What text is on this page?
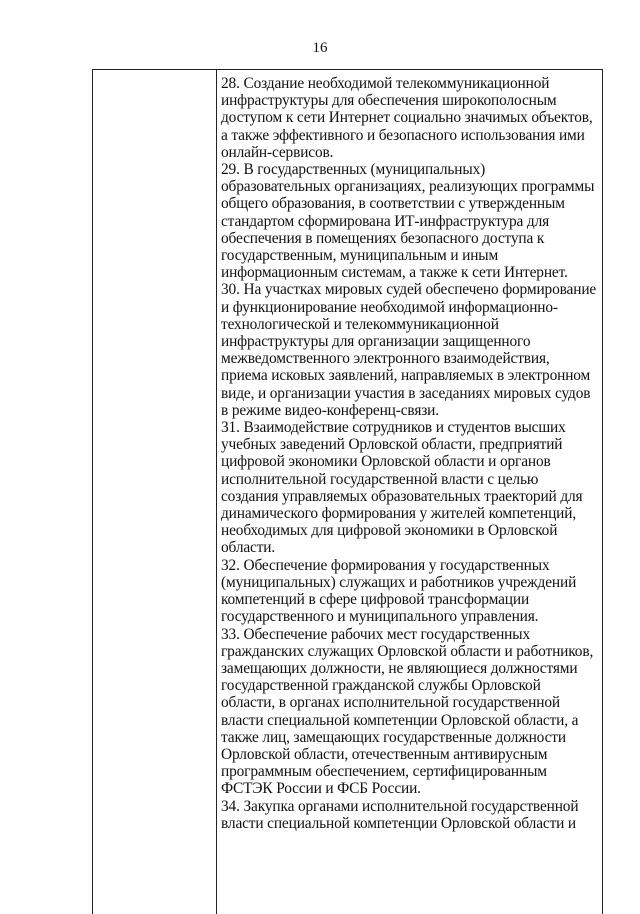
16
28. Создание необходимой телекоммуникационной
инфраструктуры для обеспечения широкополосным
доступом к сети Интернет социально значимых объектов,
а также эффективного и безопасного использования ими
онлайн-сервисов.
29. В государственных (муниципальных)
образовательных организациях, реализующих программы
общего образования, в соответствии с утвержденным
стандартом сформирована ИТ-инфраструктура для
обеспечения в помещениях безопасного доступа к
государственным, муниципальным и иным
информационным системам, а также к сети Интернет.
30. На участках мировых судей обеспечено формирование
и функционирование необходимой информационно-
технологической и телекоммуникационной
инфраструктуры для организации защищенного
межведомственного электронного взаимодействия,
приема исковых заявлений, направляемых в электронном
виде, и организации участия в заседаниях мировых судов
в режиме видео-конференц-связи.
31. Взаимодействие сотрудников и студентов высших
учебных заведений Орловской области, предприятий
цифровой экономики Орловской области и органов
исполнительной государственной власти с целью
создания управляемых образовательных траекторий для
динамического формирования у жителей компетенций,
необходимых для цифровой экономики в Орловской
области.
32. Обеспечение формирования у государственных
(муниципальных) служащих и работников учреждений
компетенций в сфере цифровой трансформации
государственного и муниципального управления.
33. Обеспечение рабочих мест государственных
гражданских служащих Орловской области и работников,
замещающих должности, не являющиеся должностями
государственной гражданской службы Орловской
области, в органах исполнительной государственной
власти специальной компетенции Орловской области, а
также лиц, замещающих государственные должности
Орловской области, отечественным антивирусным
программным обеспечением, сертифицированным
ФСТЭК России и ФСБ России.
34. Закупка органами исполнительной государственной
власти специальной компетенции Орловской области и
